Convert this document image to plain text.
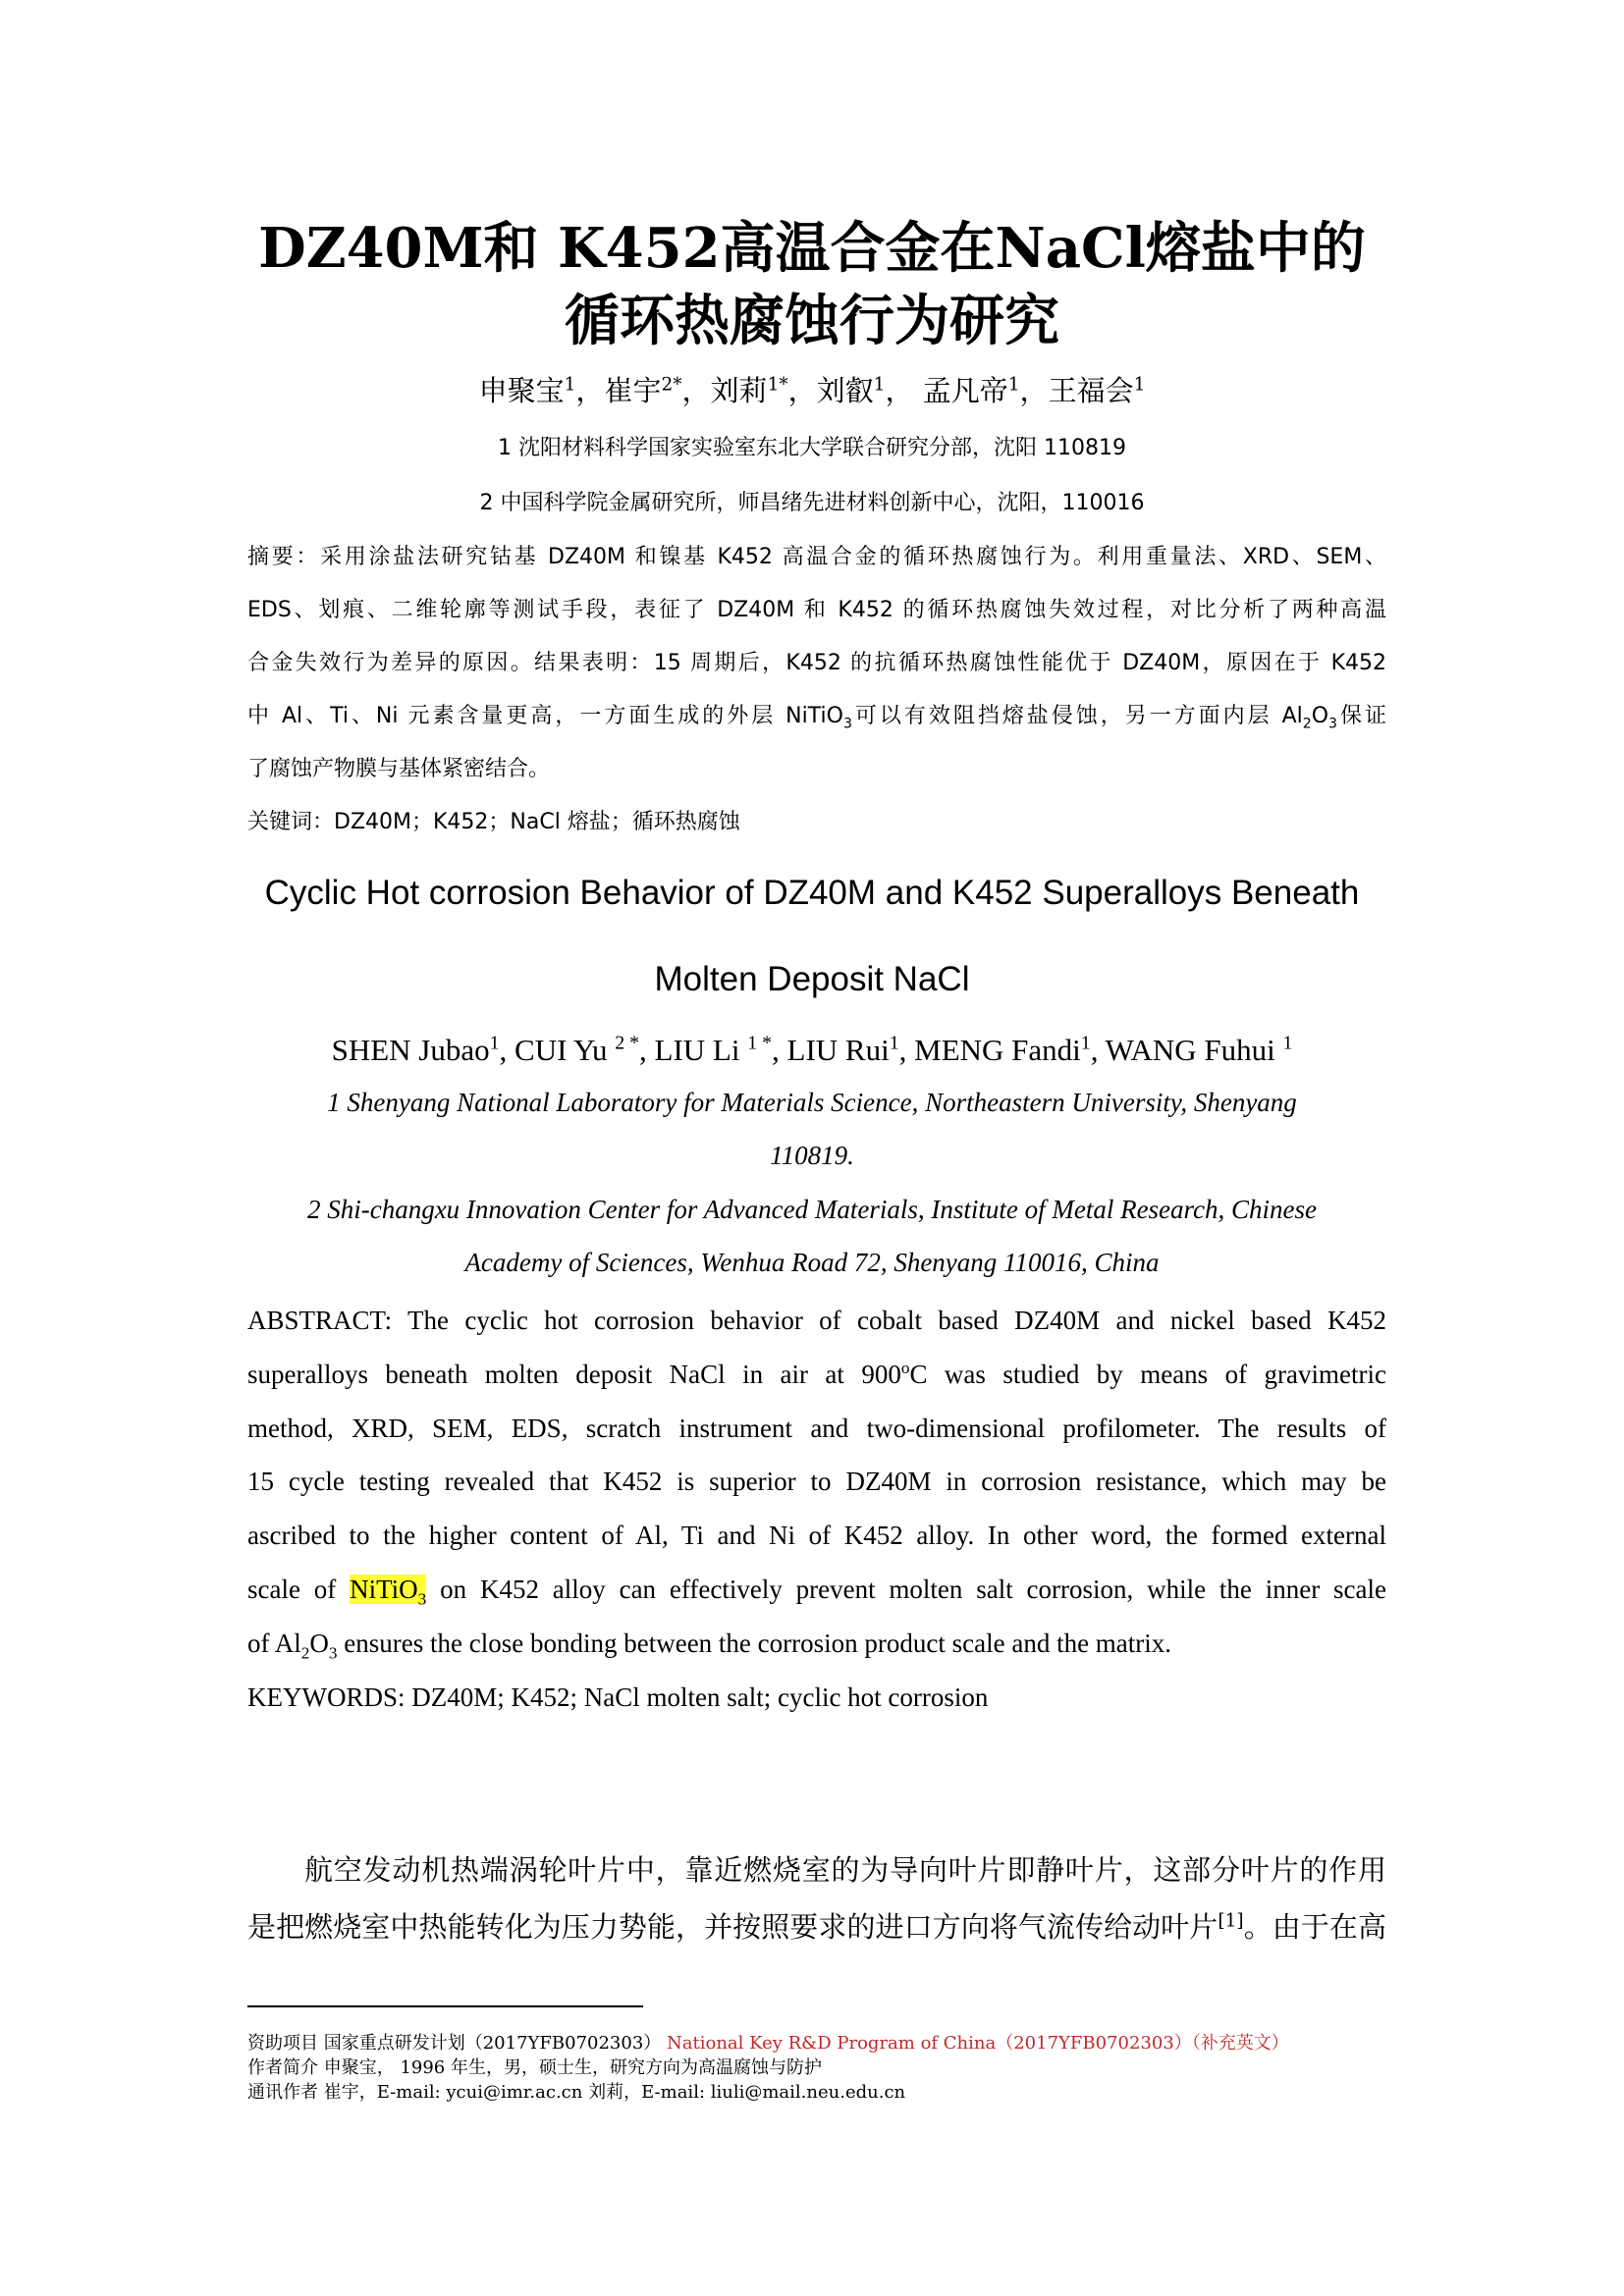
DZ40M和 K452高温合金在NaCl熔盐中的
循环热腐蚀行为研究
申聚宝$^1$，崔宇$^{2*}$，刘莉$^{1*}$，刘叡$^1$， 孟凡帝$^1$，王福会$^1$
1 沈阳材料科学国家实验室东北大学联合研究分部，沈阳 110819
2 中国科学院金属研究所，师昌绪先进材料创新中心，沈阳，110016
摘要：采用涂盐法研究钴基 DZ40M 和镍基 K452 高温合金的循环热腐蚀行为。利用重量法、XRD、SEM、
EDS、划痕、二维轮廓等测试手段，表征了 DZ40M 和 K452 的循环热腐蚀失效过程，对比分析了两种高温
合金失效行为差异的原因。结果表明：15 周期后，K452 的抗循环热腐蚀性能优于 DZ40M，原因在于 K452
中 Al、Ti、Ni 元素含量更高，一方面生成的外层 NiTiO$_3$可以有效阻挡熔盐侵蚀，另一方面内层 $Al_2O_3$保证
了腐蚀产物膜与基体紧密结合。
关键词：DZ40M；K452；NaCl 熔盐；循环热腐蚀
Cyclic Hot corrosion Behavior of DZ40M and K452 Superalloys Beneath
Molten Deposit NaCl
SHEN Jubao$^1$, CUI Yu $^{2 *}$, LIU Li $^{1 *}$, LIU Rui$^1$, MENG Fandi$^1$, WANG Fuhui $^1$
1 Shenyang National Laboratory for Materials Science, Northeastern University, Shenyang
110819.
2 Shi-changxu Innovation Center for Advanced Materials, Institute of Metal Research, Chinese
Academy of Sciences, Wenhua Road 72, Shenyang 110016, China
ABSTRACT: The cyclic hot corrosion behavior of cobalt based DZ40M and nickel based K452
superalloys beneath molten deposit NaCl in air at 900$^o$C was studied by means of gravimetric
method, XRD, SEM, EDS, scratch instrument and two-dimensional profilometer. The results of
15 cycle testing revealed that K452 is superior to DZ40M in corrosion resistance, which may be
ascribed to the higher content of Al, Ti and Ni of K452 alloy. In other word, the formed external
scale of NiTiO$_3$ on K452 alloy can effectively prevent molten salt corrosion, while the inner scale
of $Al_2O_3$ ensures the close bonding between the corrosion product scale and the matrix.
KEYWORDS: DZ40M; K452; NaCl molten salt; cyclic hot corrosion
航空发动机热端涡轮叶片中，靠近燃烧室的为导向叶片即静叶片，这部分叶片的作用
是把燃烧室中热能转化为压力势能，并按照要求的进口方向将气流传给动叶片[1]。由于在高
资助项目 国家重点研发计划（2017YFB0702303） National Key R&D Program of China（2017YFB0702303）（补充英文）
作者简介 申聚宝， 1996 年生，男，硕士生，研究方向为高温腐蚀与防护
通讯作者 崔宇，E-mail: ycui@imr.ac.cn 刘莉，E-mail: liuli@mail.neu.edu.cn
